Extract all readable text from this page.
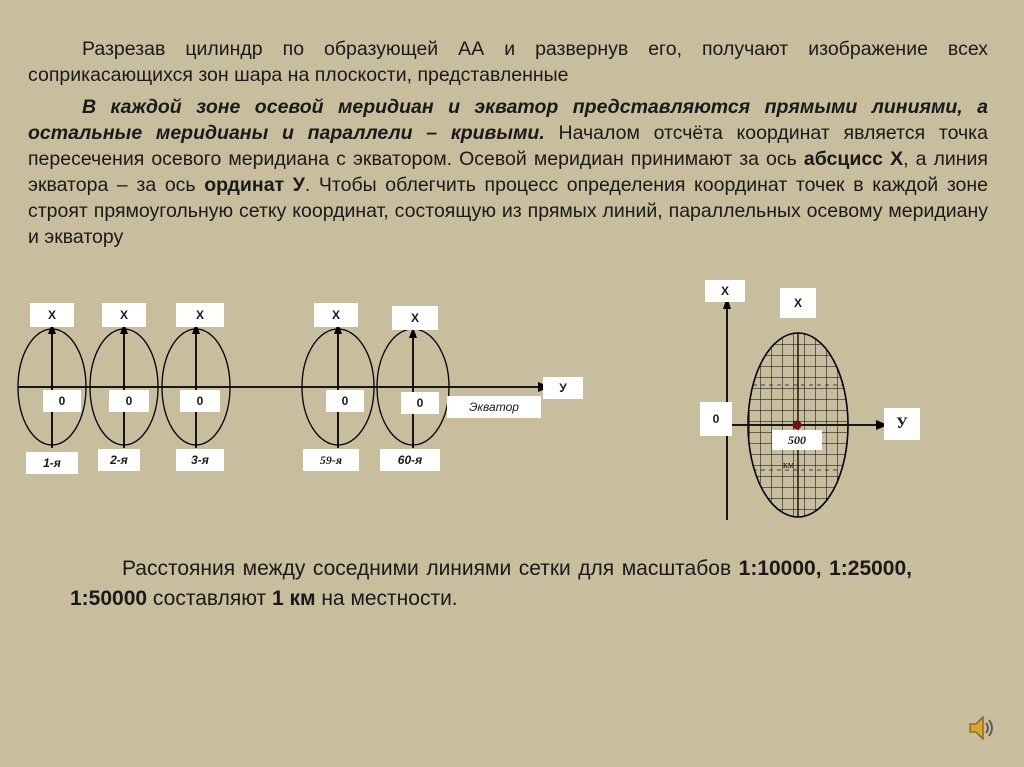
Разрезав цилиндр по образующей АА и развернув его, получают изображение всех соприкасающихся зон шара на плоскости, представленные
В каждой зоне осевой меридиан и экватор представляются прямыми линиями, а остальные меридианы и параллели – кривыми. Началом отсчёта координат является точка пересечения осевого меридиана с экватором. Осевой меридиан принимают за ось абсцисс Х, а линия экватора – за ось ординат У. Чтобы облегчить процесс определения координат точек в каждой зоне строят прямоугольную сетку координат, состоящую из прямых линий, параллельных осевому меридиану и экватору
Х	Х	Х	Х	Х
0	0	0	0	0
У
Экватор
1-я	2-я	3-я	59-я	60-я
Х
Х
0	У
500
км
Расстояния между соседними линиями сетки для масштабов 1:10000, 1:25000, 1:50000 составляют 1 км на местности.
